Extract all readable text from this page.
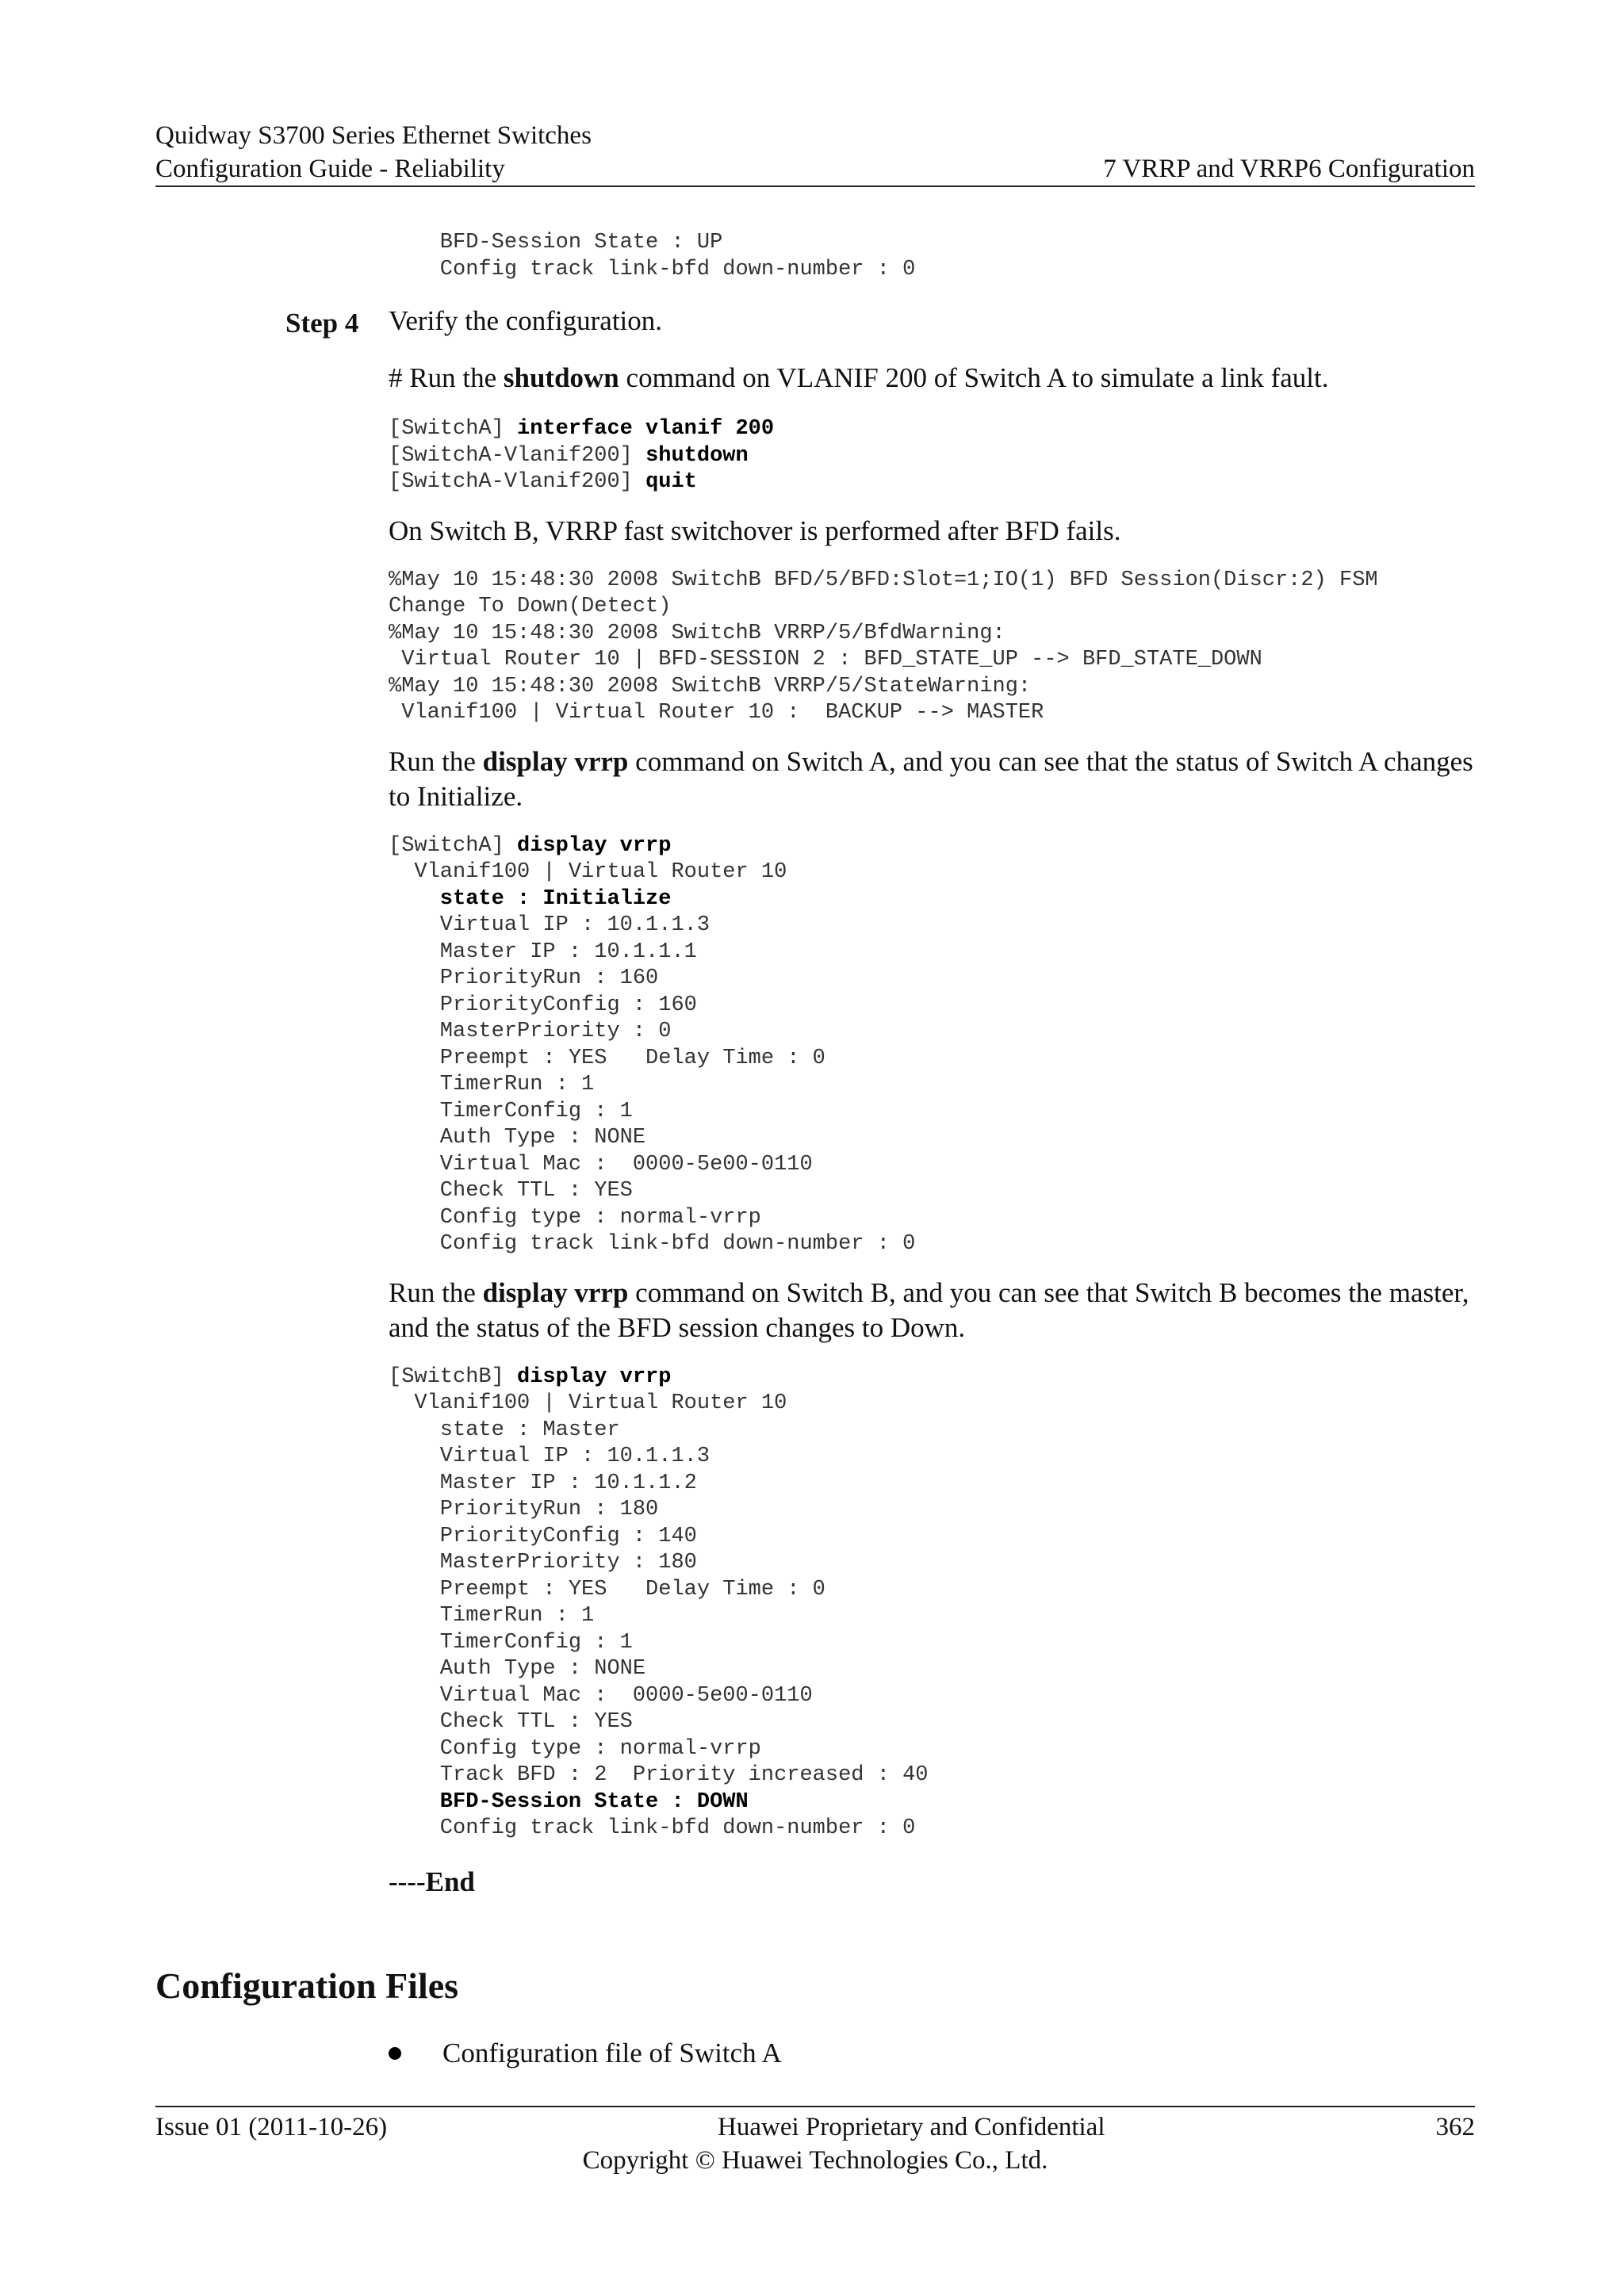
Quidway S3700 Series Ethernet Switches
Configuration Guide - Reliability	7 VRRP and VRRP6 Configuration
Step 4
BFD-Session State : UP
Config track link-bfd down-number : 0

Verify the configuration.

# Run the shutdown command on VLANIF 200 of Switch A to simulate a link fault.

[SwitchA] interface vlanif 200
[SwitchA-Vlanif200] shutdown
[SwitchA-Vlanif200] quit

On Switch B, VRRP fast switchover is performed after BFD fails.

%May 10 15:48:30 2008 SwitchB BFD/5/BFD:Slot=1;IO(1) BFD Session(Discr:2) FSM
Change To Down(Detect)
%May 10 15:48:30 2008 SwitchB VRRP/5/BfdWarning:
Virtual Router 10 | BFD-SESSION 2 : BFD_STATE_UP --> BFD_STATE_DOWN
%May 10 15:48:30 2008 SwitchB VRRP/5/StateWarning:
Vlanif100 | Virtual Router 10 :  BACKUP --> MASTER

Run the display vrrp command on Switch A, and you can see that the status of Switch A changes
to Initialize.

[SwitchA] display vrrp
Vlanif100 | Virtual Router 10
state : Initialize
Virtual IP : 10.1.1.3
Master IP : 10.1.1.1
PriorityRun : 160
PriorityConfig : 160
MasterPriority : 0
Preempt : YES   Delay Time : 0
TimerRun : 1
TimerConfig : 1
Auth Type : NONE
Virtual Mac :  0000-5e00-0110
Check TTL : YES
Config type : normal-vrrp
Config track link-bfd down-number : 0

Run the display vrrp command on Switch B, and you can see that Switch B becomes the master,
and the status of the BFD session changes to Down.

[SwitchB] display vrrp
Vlanif100 | Virtual Router 10
state : Master
Virtual IP : 10.1.1.3
Master IP : 10.1.1.2
PriorityRun : 180
PriorityConfig : 140
MasterPriority : 180
Preempt : YES   Delay Time : 0
TimerRun : 1
TimerConfig : 1
Auth Type : NONE
Virtual Mac :  0000-5e00-0110
Check TTL : YES
Config type : normal-vrrp
Track BFD : 2  Priority increased : 40
BFD-Session State : DOWN
Config track link-bfd down-number : 0

----End

Configuration Files
Configuration file of Switch A
Issue 01 (2011-10-26)	Huawei Proprietary and Confidential	362
Copyright © Huawei Technologies Co., Ltd.
